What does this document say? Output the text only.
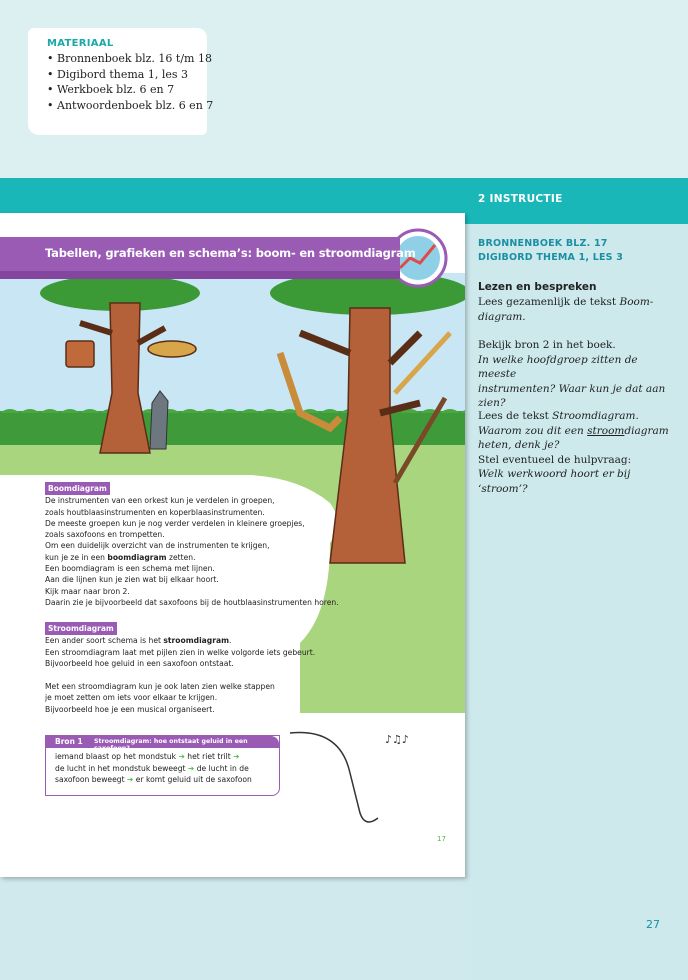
MATERIAAL
• Bronnenboek blz. 16 t/m 18
• Digibord thema 1, les 3
• Werkboek blz. 6 en 7
• Antwoordenboek blz. 6 en 7
2 INSTRUCTIE
BRONNENBOEK BLZ. 17
DIGIBORD THEMA 1, LES 3
Lezen en bespreken
Lees gezamenlijk de tekst Boom-
diagram.
Bekijk bron 2 in het boek.
In welke hoofdgroep zitten de meeste
instrumenten? Waar kun je dat aan
zien?
Lees de tekst Stroomdiagram.
Waarom zou dit een stroomdiagram
heten, denk je?
Stel eventueel de hulpvraag:
Welk werkwoord hoort er bij ‘stroom’?
27
♪♫♪
Tabellen, grafieken en schema’s: boom- en stroomdiagram
Boomdiagram
De instrumenten van een orkest kun je verdelen in groepen,
zoals houtblaasinstrumenten en koperblaasinstrumenten.
De meeste groepen kun je nog verder verdelen in kleinere groepjes,
zoals saxofoons en trompetten.
Om een duidelijk overzicht van de instrumenten te krijgen,
kun je ze in een boomdiagram zetten.
Een boomdiagram is een schema met lijnen.
Aan die lijnen kun je zien wat bij elkaar hoort.
Kijk maar naar bron 2.
Daarin zie je bijvoorbeeld dat saxofoons bij de houtblaasinstrumenten horen.
Stroomdiagram
Een ander soort schema is het stroomdiagram.
Een stroomdiagram laat met pijlen zien in welke volgorde iets gebeurt.
Bijvoorbeeld hoe geluid in een saxofoon ontstaat.
Met een stroomdiagram kun je ook laten zien welke stappen
je moet zetten om iets voor elkaar te krijgen.
Bijvoorbeeld hoe je een musical organiseert.
Bron 1 Stroomdiagram: hoe ontstaat geluid in een saxofoon?
iemand blaast op het mondstuk ➔ het riet trilt ➔
de lucht in het mondstuk beweegt ➔ de lucht in de
saxofoon beweegt ➔ er komt geluid uit de saxofoon
17
